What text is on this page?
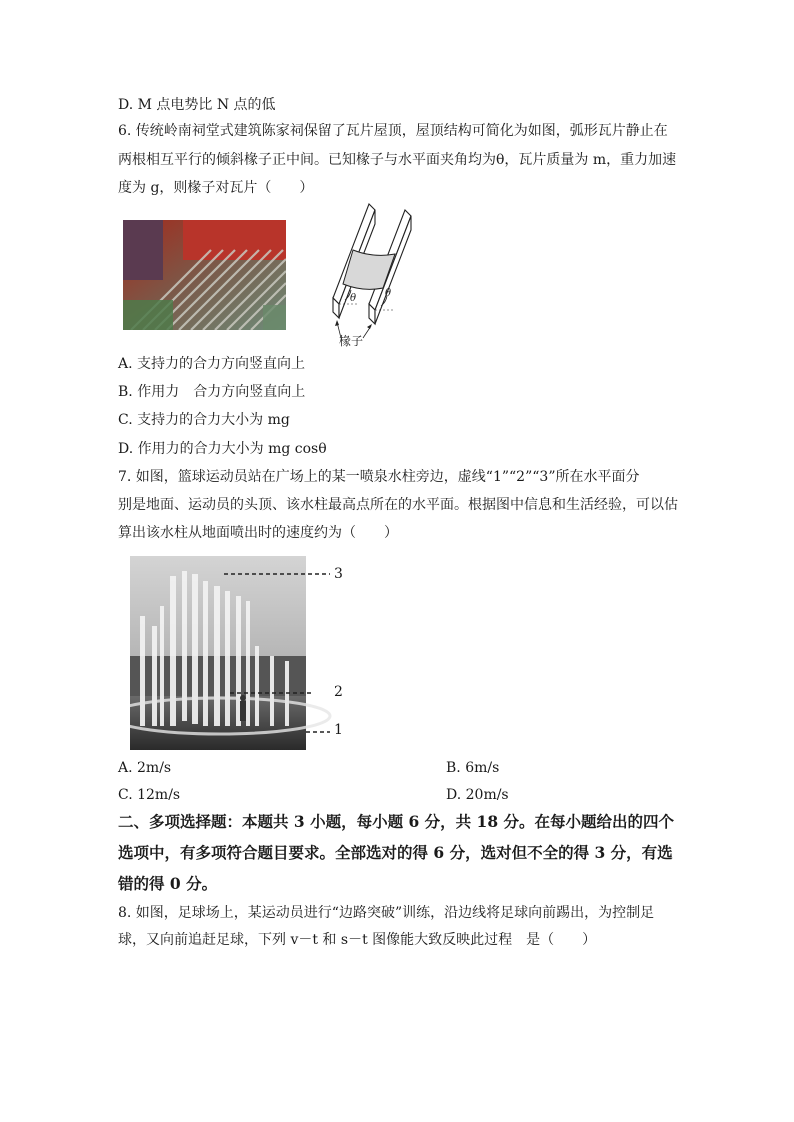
D. M 点电势比 N 点的低
6. 传统岭南祠堂式建筑陈家祠保留了瓦片屋顶，屋顶结构可简化为如图，弧形瓦片静止在
两根相互平行的倾斜椽子正中间。已知椽子与水平面夹角均为θ，瓦片质量为 m，重力加速
度为 g，则椽子对瓦片（　　）
θ	θ
椽子
A. 支持力的合力方向竖直向上
B. 作用力　合力方向竖直向上
C. 支持力的合力大小为 mg
D. 作用力的合力大小为 mg cosθ
7. 如图，篮球运动员站在广场上的某一喷泉水柱旁边，虚线“1”“2”“3”所在水平面分
别是地面、运动员的头顶、该水柱最高点所在的水平面。根据图中信息和生活经验，可以估
算出该水柱从地面喷出时的速度约为（　　）
3
2
1
A. 2m/s	B. 6m/s
C. 12m/s	D. 20m/s
二、多项选择题：本题共 3 小题，每小题 6 分，共 18 分。在每小题给出的四个
选项中，有多项符合题目要求。全部选对的得 6 分，选对但不全的得 3 分，有选
错的得 0 分。
8. 如图，足球场上，某运动员进行“边路突破”训练，沿边线将足球向前踢出，为控制足
球，又向前追赶足球，下列 v－t 和 s－t 图像能大致反映此过程　是（　　）
